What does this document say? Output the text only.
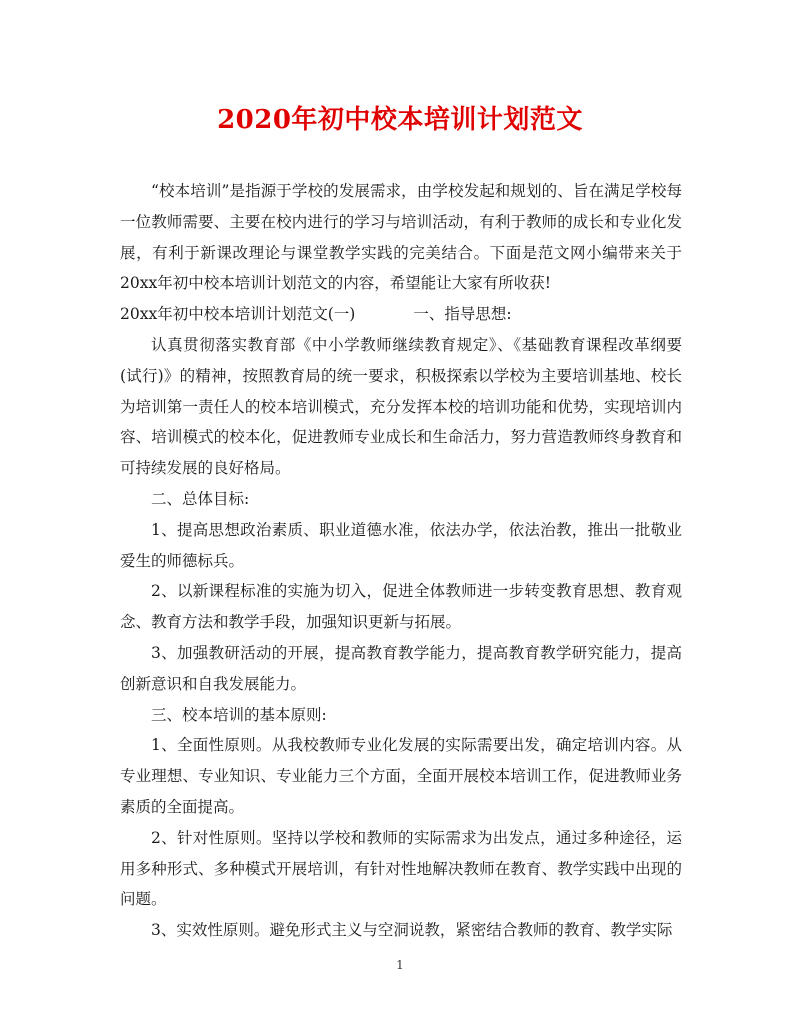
2020年初中校本培训计划范文

“校本培训”是指源于学校的发展需求，由学校发起和规划的、旨在满足学校每一位教师需要、主要在校内进行的学习与培训活动，有利于教师的成长和专业化发展，有利于新课改理论与课堂教学实践的完美结合。下面是范文网小编带来关于20xx年初中校本培训计划范文的内容，希望能让大家有所收获!

20xx年初中校本培训计划范文(一)	一、指导思想:

认真贯彻落实教育部《中小学教师继续教育规定》、《基础教育课程改革纲要(试行)》的精神，按照教育局的统一要求，积极探索以学校为主要培训基地、校长为培训第一责任人的校本培训模式，充分发挥本校的培训功能和优势，实现培训内容、培训模式的校本化，促进教师专业成长和生命活力，努力营造教师终身教育和可持续发展的良好格局。

二、总体目标:

1、提高思想政治素质、职业道德水准，依法办学，依法治教，推出一批敬业爱生的师德标兵。

2、以新课程标准的实施为切入，促进全体教师进一步转变教育思想、教育观念、教育方法和教学手段，加强知识更新与拓展。

3、加强教研活动的开展，提高教育教学能力，提高教育教学研究能力，提高创新意识和自我发展能力。

三、校本培训的基本原则:

1、全面性原则。从我校教师专业化发展的实际需要出发，确定培训内容。从专业理想、专业知识、专业能力三个方面，全面开展校本培训工作，促进教师业务素质的全面提高。

2、针对性原则。坚持以学校和教师的实际需求为出发点，通过多种途径，运用多种形式、多种模式开展培训，有针对性地解决教师在教育、教学实践中出现的问题。

3、实效性原则。避免形式主义与空洞说教，紧密结合教师的教育、教学实际

1
